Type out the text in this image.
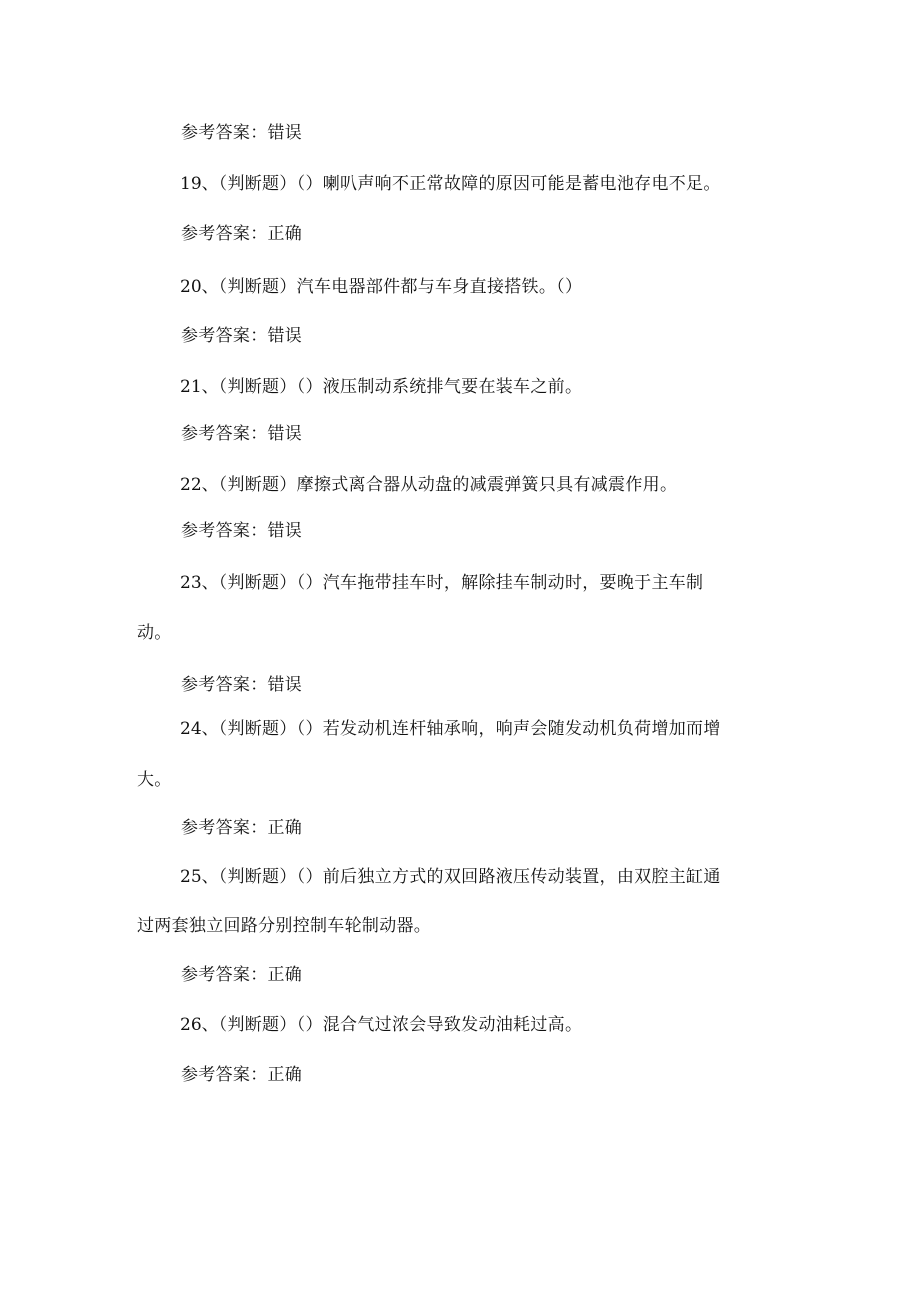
参考答案：错误
19、（判断题）（）喇叭声响不正常故障的原因可能是蓄电池存电不足。
参考答案：正确
20、（判断题）汽车电器部件都与车身直接搭铁。（）
参考答案：错误
21、（判断题）（）液压制动系统排气要在装车之前。
参考答案：错误
22、（判断题）摩擦式离合器从动盘的减震弹簧只具有减震作用。
参考答案：错误
23、（判断题）（）汽车拖带挂车时，解除挂车制动时，要晚于主车制
动。
参考答案：错误
24、（判断题）（）若发动机连杆轴承响，响声会随发动机负荷增加而增
大。
参考答案：正确
25、（判断题）（）前后独立方式的双回路液压传动装置，由双腔主缸通
过两套独立回路分别控制车轮制动器。
参考答案：正确
26、（判断题）（）混合气过浓会导致发动油耗过高。
参考答案：正确
